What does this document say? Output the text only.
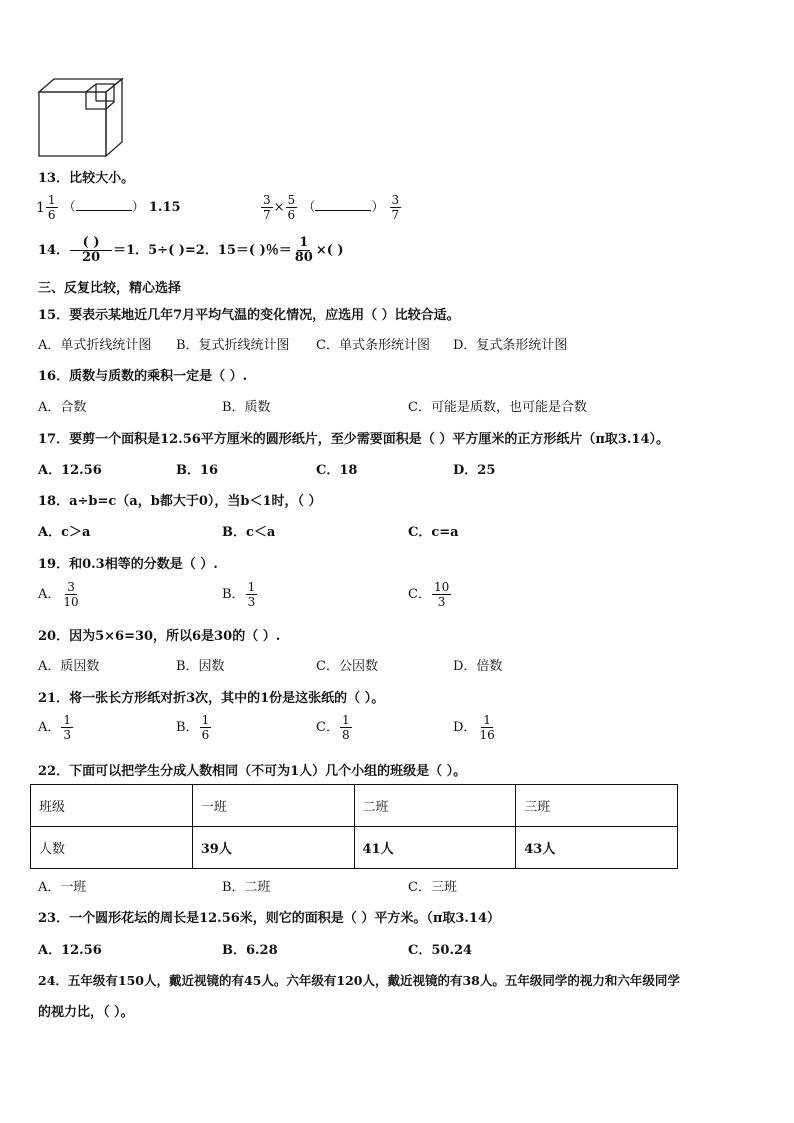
13．比较大小。
$1 \frac{1}{6}$ （	） 1.15	$\frac{3}{7} \times \frac{5}{6}$ （	） $\frac{3}{7}$
14． $\frac{( )}{20} =1$．5÷( )=2．15＝( )％＝ $\frac{1}{80}$ ×( )
三、反复比较，精心选择
15．要表示某地近几年7月平均气温的变化情况，应选用（ ）比较合适。
A．单式折线统计图 B．复式折线统计图 C．单式条形统计图 D．复式条形统计图
16．质数与质数的乘积一定是（ ）.
A．合数	B．质数	C．可能是质数，也可能是合数
17．要剪一个面积是12.56平方厘米的圆形纸片，至少需要面积是（ ）平方厘米的正方形纸片（π取3.14）。
A．12.56	B．16	C．18	D．25
18．a÷b=c（a，b都大于0），当b＜1时，（ ）
A．c＞a	B．c＜a	C．c=a
19．和0.3相等的分数是（ ）.
A． $\frac{3}{10}$	B． $\frac{1}{3}$	C． $\frac{10}{3}$
20．因为5×6=30，所以6是30的（ ）.
A．质因数	B．因数	C．公因数	D．倍数
21．将一张长方形纸对折3次，其中的1份是这张纸的（ ）。
A． $\frac{1}{3}$	B． $\frac{1}{6}$	C． $\frac{1}{8}$	D． $\frac{1}{16}$
22．下面可以把学生分成人数相同（不可为1人）几个小组的班级是（ ）。
班级	一班	二班	三班
人数	39人	41人	43人
A．一班	B．二班	C．三班
23．一个圆形花坛的周长是12.56米，则它的面积是（ ）平方米。（π取3.14）
A．12.56	B．6.28	C．50.24
24．五年级有150人，戴近视镜的有45人。六年级有120人，戴近视镜的有38人。五年级同学的视力和六年级同学
的视力比，（ ）。
